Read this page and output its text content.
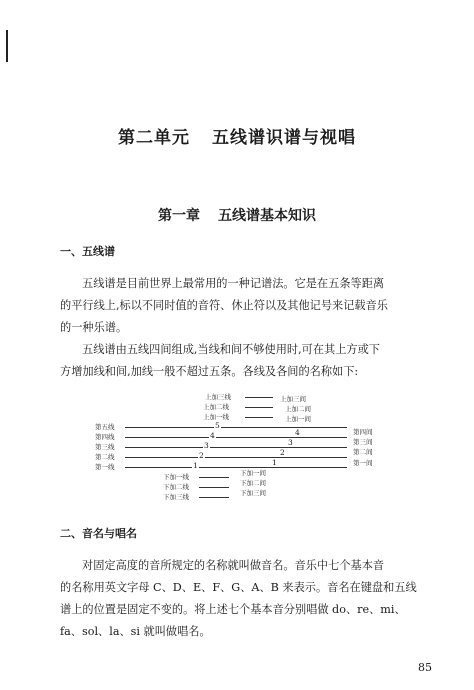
第二单元 五线谱识谱与视唱
第一章 五线谱基本知识
一、五线谱
五线谱是目前世界上最常用的一种记谱法。它是在五条等距离
的平行线上,标以不同时值的音符、休止符以及其他记号来记载音乐
的一种乐谱。
五线谱由五线四间组成,当线和间不够使用时,可在其上方或下
方增加线和间,加线一般不超过五条。各线及各间的名称如下:
上加三线	上加三间
上加二线	上加二间
上加一线	上加一间
第五线
第四线
第三线
第二线
第一线
5
4
3
2
1
4
3
2
1
第四间
第三间
第二间
第一间
下加一线	下加一间
下加二线	下加二间
下加三线	下加三间
二、音名与唱名
对固定高度的音所规定的名称就叫做音名。音乐中七个基本音
的名称用英文字母 C、D、E、F、G、A、B 来表示。音名在键盘和五线
谱上的位置是固定不变的。将上述七个基本音分别唱做 do、re、mi、
fa、sol、la、si 就叫做唱名。
85
